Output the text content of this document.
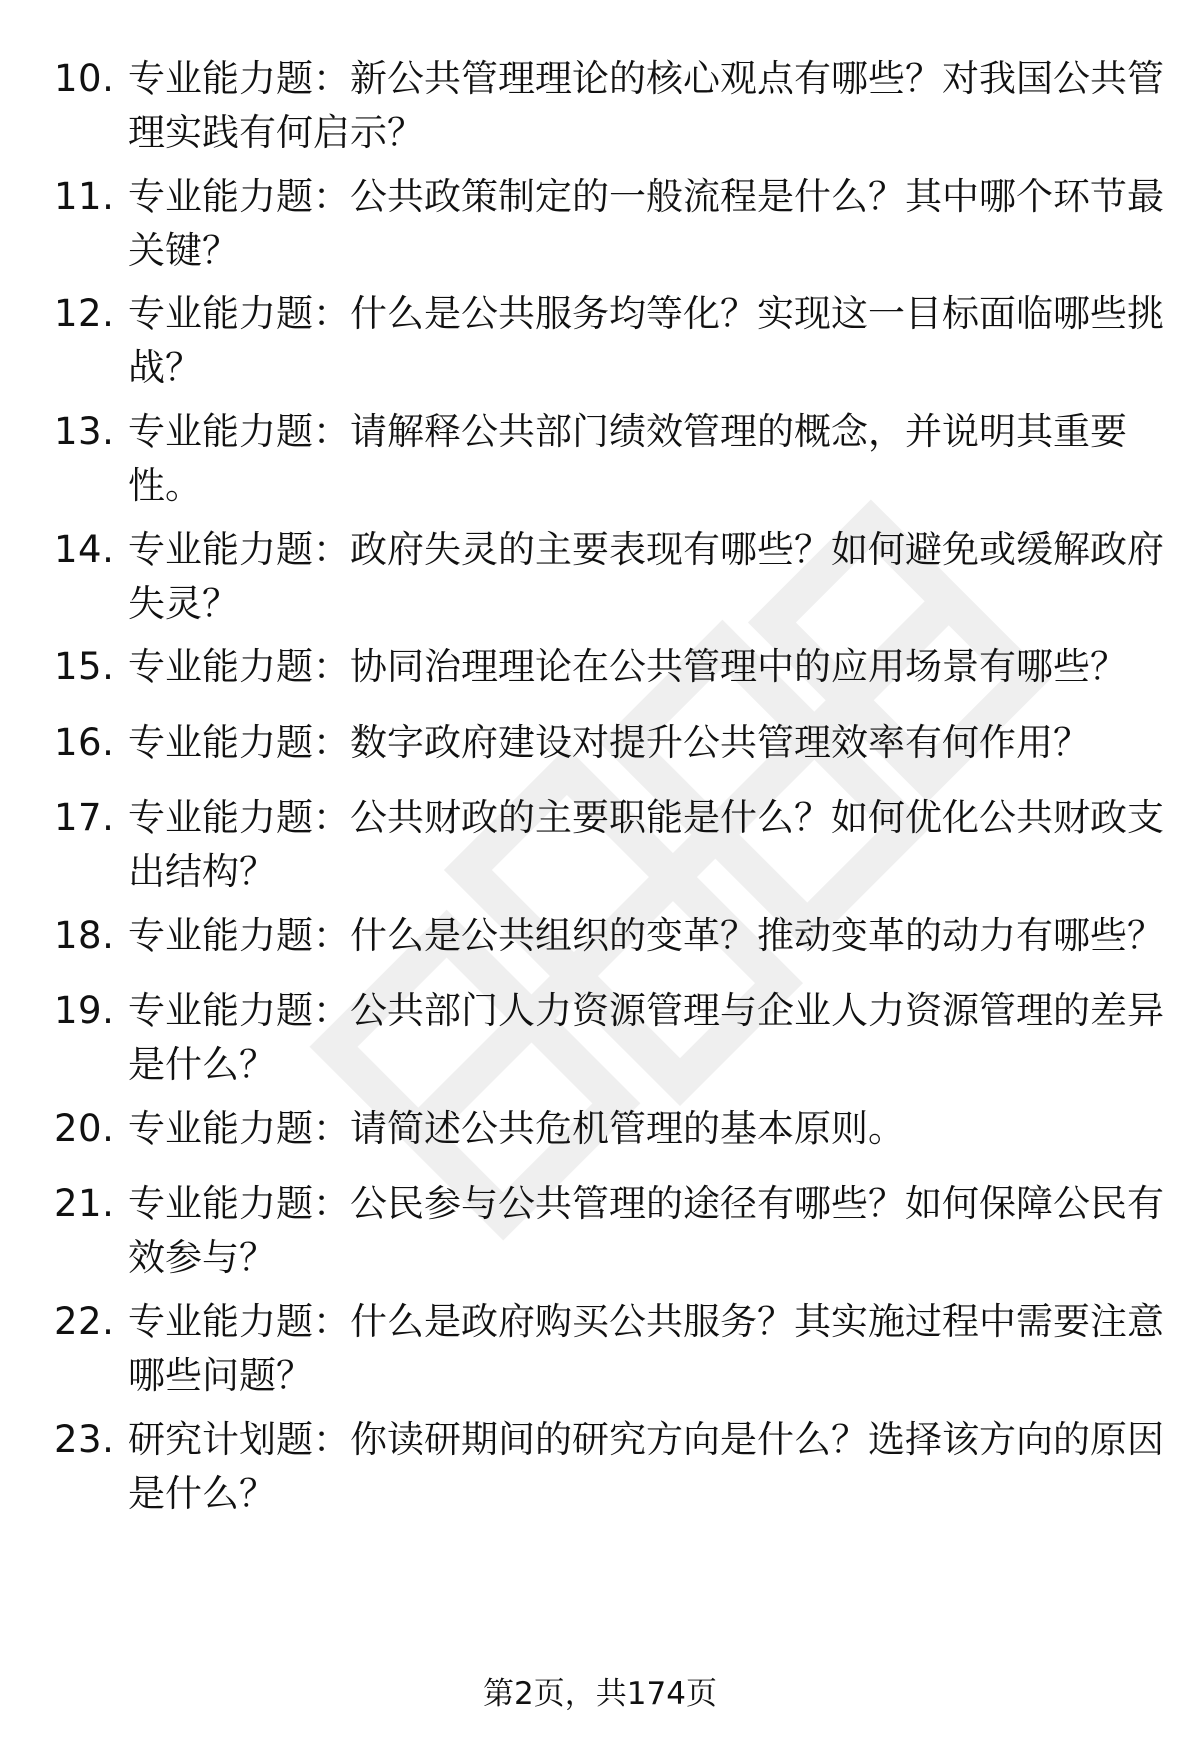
10. 专业能力题：新公共管理理论的核心观点有哪些？对我国公共管
理实践有何启示？
11. 专业能力题：公共政策制定的一般流程是什么？其中哪个环节最
关键？
12. 专业能力题：什么是公共服务均等化？实现这一目标面临哪些挑
战？
13. 专业能力题：请解释公共部门绩效管理的概念，并说明其重要
性。
14. 专业能力题：政府失灵的主要表现有哪些？如何避免或缓解政府
失灵？
15. 专业能力题：协同治理理论在公共管理中的应用场景有哪些？
16. 专业能力题：数字政府建设对提升公共管理效率有何作用？
17. 专业能力题：公共财政的主要职能是什么？如何优化公共财政支
出结构？
18. 专业能力题：什么是公共组织的变革？推动变革的动力有哪些？
19. 专业能力题：公共部门人力资源管理与企业人力资源管理的差异
是什么？
20. 专业能力题：请简述公共危机管理的基本原则。
21. 专业能力题：公民参与公共管理的途径有哪些？如何保障公民有
效参与？
22. 专业能力题：什么是政府购买公共服务？其实施过程中需要注意
哪些问题？
23. 研究计划题：你读研期间的研究方向是什么？选择该方向的原因
是什么？
第2页，共174页
